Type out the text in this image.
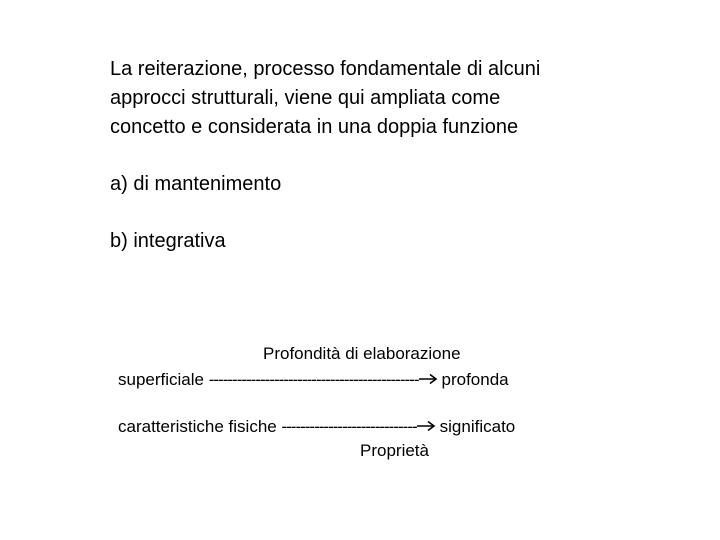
La reiterazione, processo fondamentale di alcuni
approcci strutturali, viene qui ampliata come
concetto e considerata in una doppia funzione

a) di mantenimento

b) integrativa

Profondità di elaborazione

superficiale --------------------------------------------- profonda

caratteristiche fisiche ----------------------------- significato

Proprietà
